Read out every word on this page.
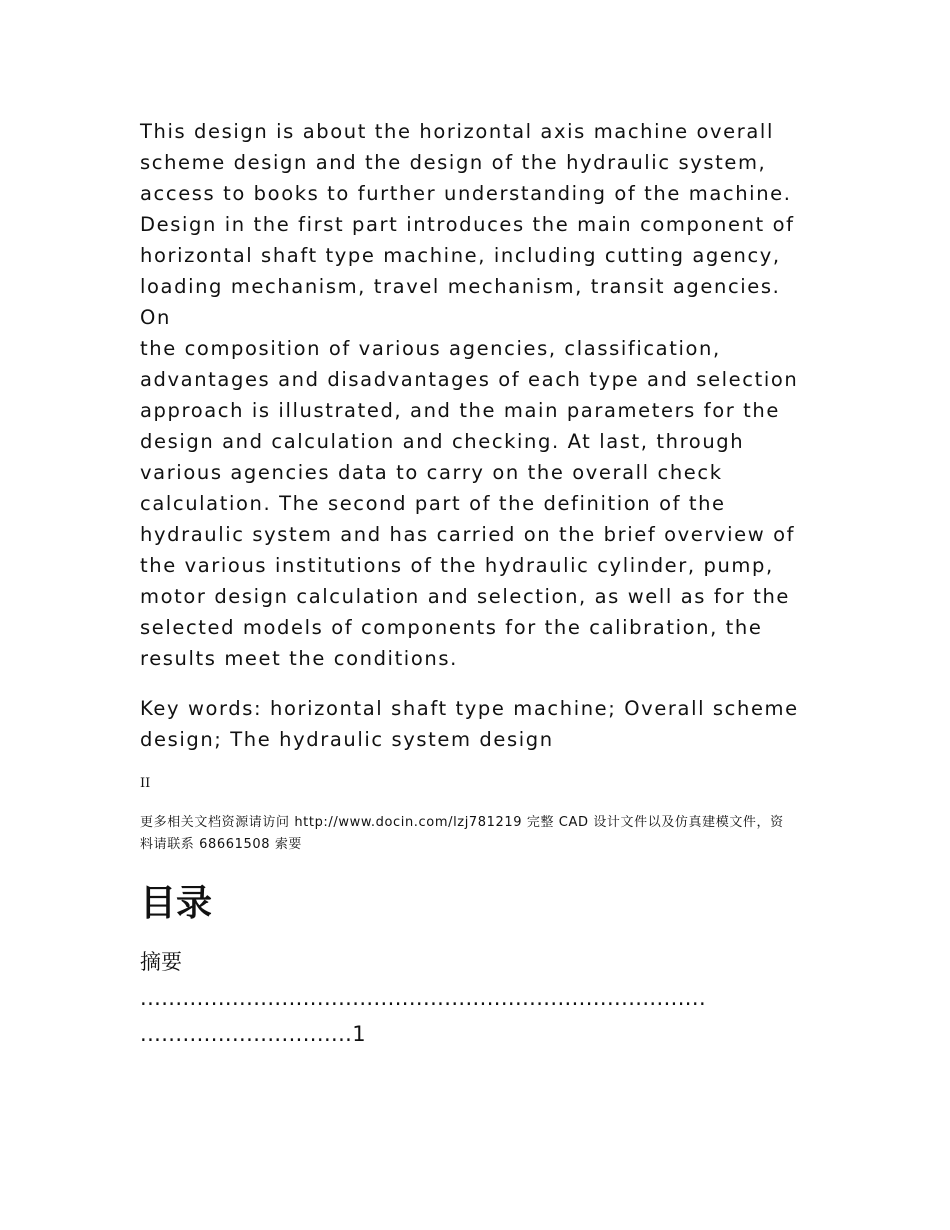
This design is about the horizontal axis machine overall
scheme design and the design of the hydraulic system,
access to books to further understanding of the machine.
Design in the first part introduces the main component of
horizontal shaft type machine, including cutting agency,
loading mechanism, travel mechanism, transit agencies. On
the composition of various agencies, classification,
advantages and disadvantages of each type and selection
approach is illustrated, and the main parameters for the
design and calculation and checking. At last, through
various agencies data to carry on the overall check
calculation. The second part of the definition of the
hydraulic system and has carried on the brief overview of
the various institutions of the hydraulic cylinder, pump,
motor design calculation and selection, as well as for the
selected models of components for the calibration, the
results meet the conditions.

Key words: horizontal shaft type machine; Overall scheme
design; The hydraulic system design

II

更多相关文档资源请访问 http://www.docin.com/lzj781219 完整 CAD 设计文件以及仿真建模文件，资
料请联系 68661508 索要

目录
摘要
................................................................................
..............................1
